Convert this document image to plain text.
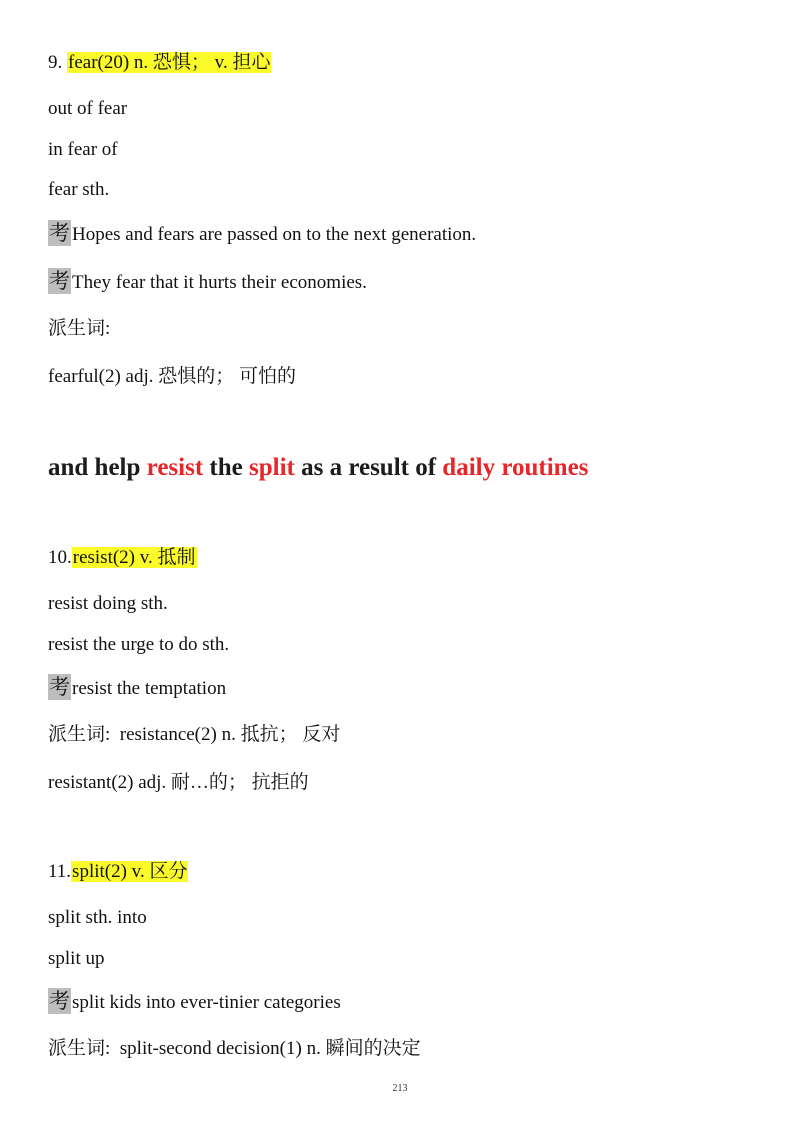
9. fear(20) n. 恐惧； v. 担心
out of fear
in fear of
fear sth.
考 Hopes and fears are passed on to the next generation.
考 They fear that it hurts their economies.
派生词:
fearful(2) adj. 恐惧的； 可怕的
and help resist the split as a result of daily routines
10.resist(2) v. 抵制
resist doing sth.
resist the urge to do sth.
考 resist the temptation
派生词: resistance(2) n. 抵抗； 反对
resistant(2) adj. 耐…的； 抗拒的
11.split(2) v. 区分
split sth. into
split up
考 split kids into ever-tinier categories
派生词: split-second decision(1) n. 瞬间的决定
213
